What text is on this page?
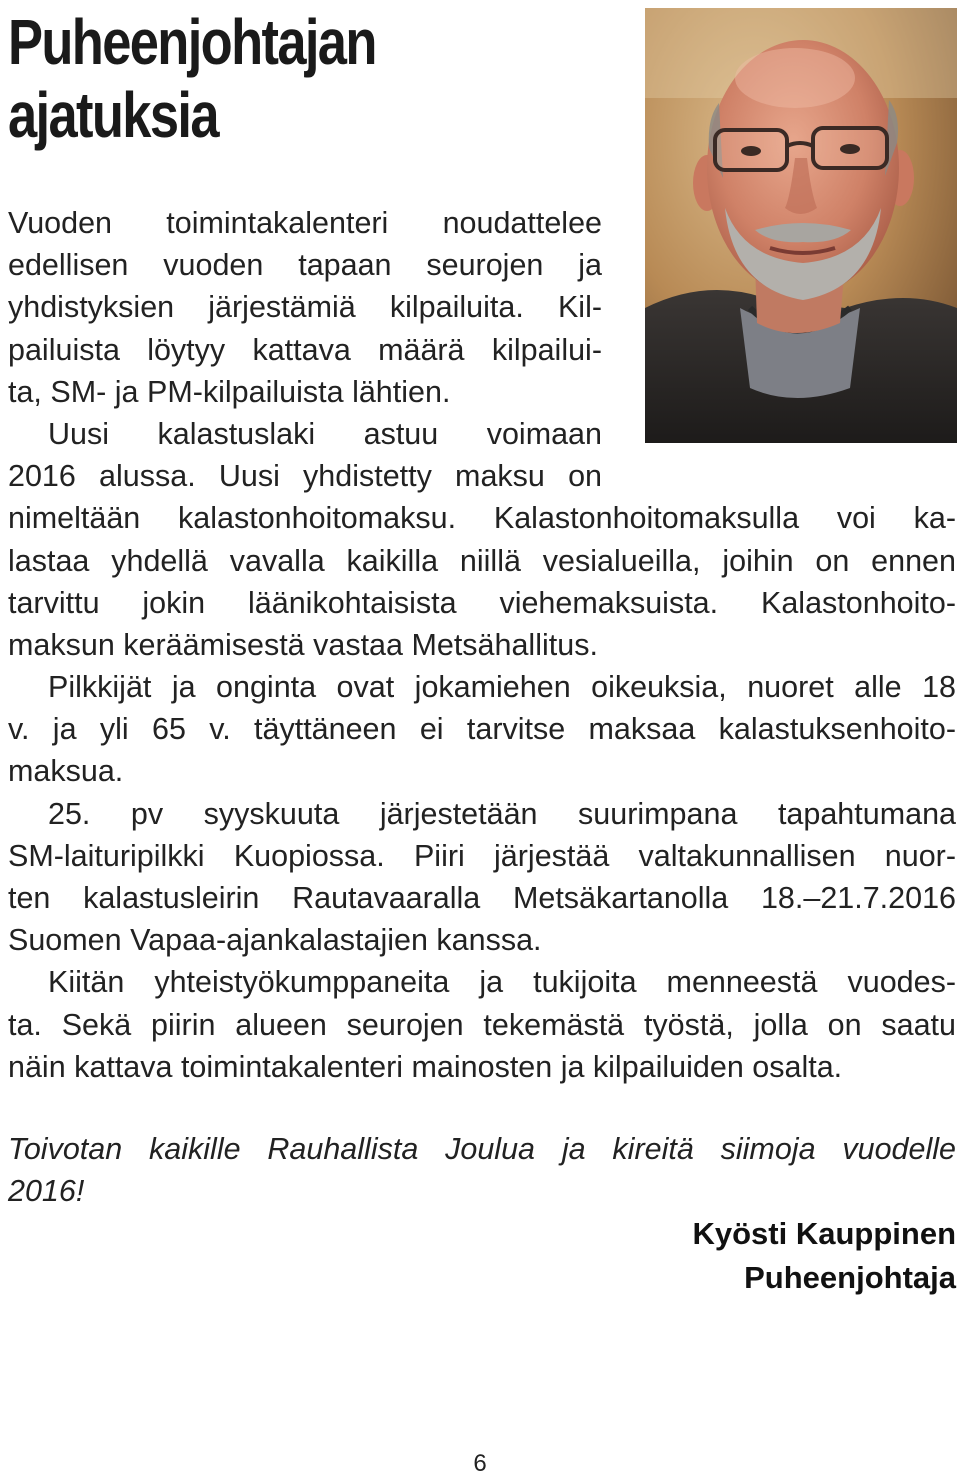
Puheenjohtajan
ajatuksia
Vuoden toimintakalenteri noudattelee
edellisen vuoden tapaan seurojen ja
yhdistyksien järjestämiä kilpailuita. Kil-
pailuista löytyy kattava määrä kilpailui-
ta, SM- ja PM-kilpailuista lähtien.
Uusi kalastuslaki astuu voimaan
2016 alussa. Uusi yhdistetty maksu on
nimeltään kalastonhoitomaksu. Kalastonhoitomaksulla voi ka-
lastaa yhdellä vavalla kaikilla niillä vesialueilla, joihin on ennen
tarvittu jokin läänikohtaisista viehemaksuista. Kalastonhoito-
maksun keräämisestä vastaa Metsähallitus.
Pilkkijät ja onginta ovat jokamiehen oikeuksia, nuoret alle 18
v. ja yli 65 v. täyttäneen ei tarvitse maksaa kalastuksenhoito-
maksua.
25. pv syyskuuta järjestetään suurimpana tapahtumana
SM-laituripilkki Kuopiossa. Piiri järjestää valtakunnallisen nuor-
ten kalastusleirin Rautavaaralla Metsäkartanolla 18.–21.7.2016
Suomen Vapaa-ajankalastajien kanssa.
Kiitän yhteistyökumppaneita ja tukijoita menneestä vuodes-
ta. Sekä piirin alueen seurojen tekemästä työstä, jolla on saatu
näin kattava toimintakalenteri mainosten ja kilpailuiden osalta.
Toivotan kaikille Rauhallista Joulua ja kireitä siimoja vuodelle
2016!
Kyösti Kauppinen
Puheenjohtaja
6
